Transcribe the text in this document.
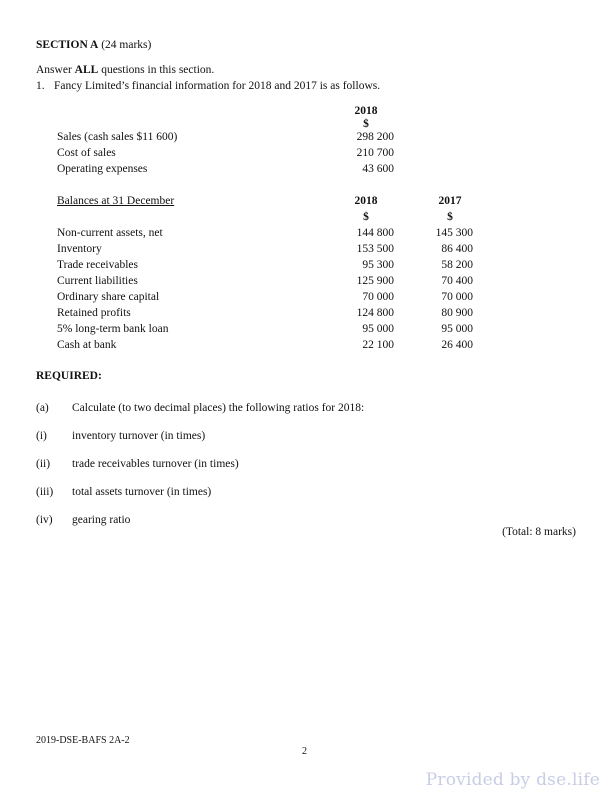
SECTION A (24 marks)
Answer ALL questions in this section.
1. Fancy Limited’s financial information for 2018 and 2017 is as follows.
2018
$
Sales (cash sales $11 600)	298 200
Cost of sales	210 700
Operating expenses	43 600
Balances at 31 December	2018	2017
$	$
Non-current assets, net	144 800	145 300
Inventory	153 500	86 400
Trade receivables	95 300	58 200
Current liabilities	125 900	70 400
Ordinary share capital	70 000	70 000
Retained profits	124 800	80 900
5% long-term bank loan	95 000	95 000
Cash at bank	22 100	26 400
REQUIRED:
(a) Calculate (to two decimal places) the following ratios for 2018:
(i) inventory turnover (in times)
(ii) trade receivables turnover (in times)
(iii) total assets turnover (in times)
(iv) gearing ratio
(Total: 8 marks)
2019-DSE-BAFS 2A-2
2
Provided by dse.life
